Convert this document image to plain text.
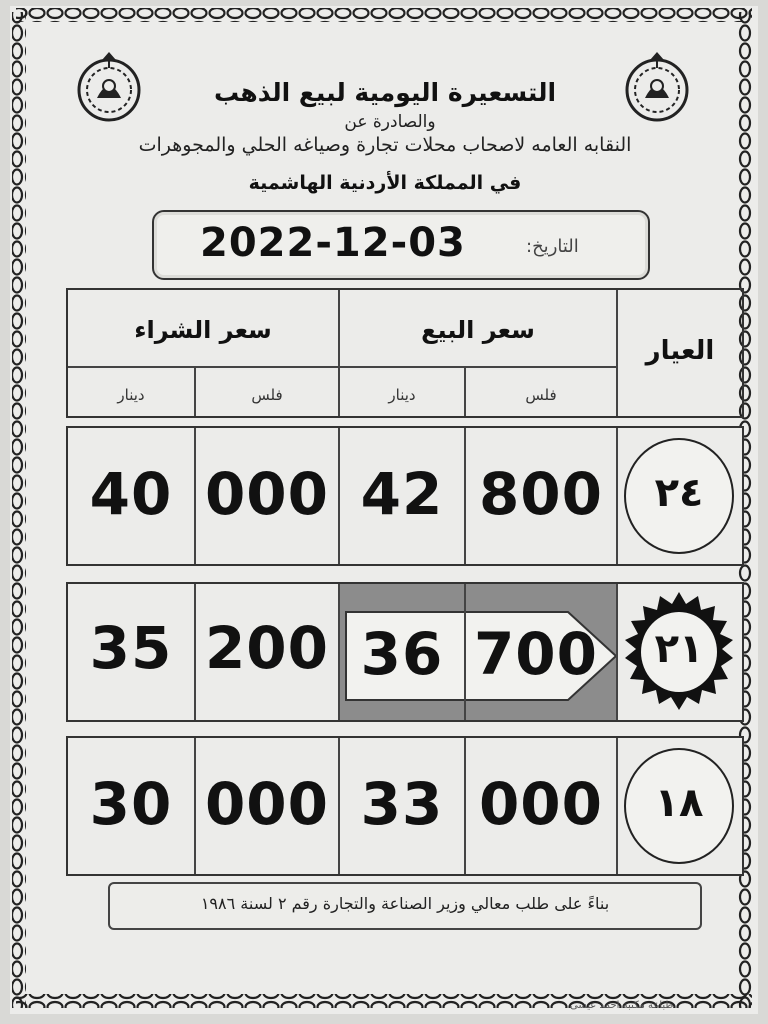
التسعيرة اليومية لبيع الذهب
والصادرة عن
النقابه العامه لاصحاب محلات تجارة وصياغه الحلي والمجوهرات
في المملكة الأردنية الهاشمية
2022-12-03	التاريخ:
العيار
سعر البيع
سعر الشراء
فلس
دينار
فلس
دينار
٢٤
800
42
000
40
٢١
700
36
200
35
١٨
000
33
000
30
بناءً على طلب معالي وزير الصناعة والتجارة رقم ٢ لسنة ١٩٨٦
طباعة مكتبة احمد عيسى
